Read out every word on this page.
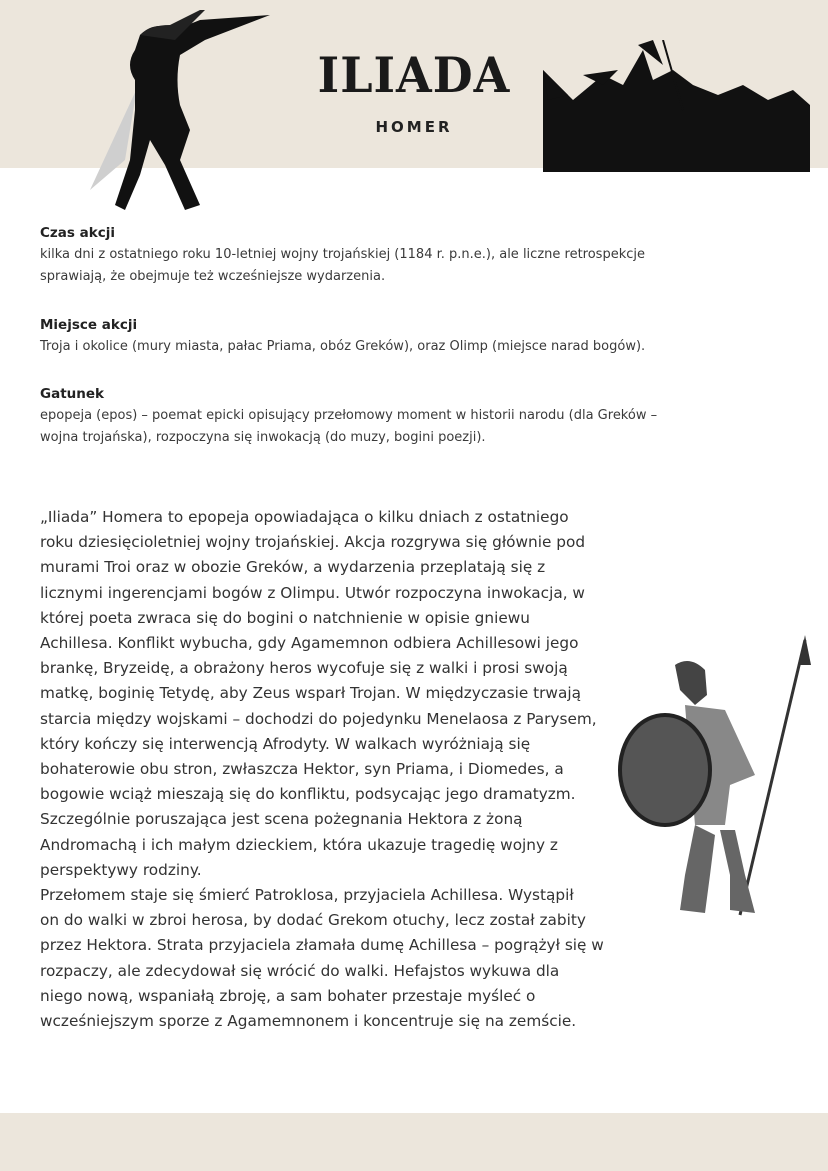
ILIADA
HOMER
Czas akcji
kilka dni z ostatniego roku 10-letniej wojny trojańskiej (1184 r. p.n.e.), ale liczne retrospekcje
sprawiają, że obejmuje też wcześniejsze wydarzenia.
Miejsce akcji
Troja i okolice (mury miasta, pałac Priama, obóz Greków), oraz Olimp (miejsce narad bogów).
Gatunek
epopeja (epos) – poemat epicki opisujący przełomowy moment w historii narodu (dla Greków –
wojna trojańska), rozpoczyna się inwokacją (do muzy, bogini poezji).
„Iliada” Homera to epopeja opowiadająca o kilku dniach z ostatniego
roku dziesięcioletniej wojny trojańskiej. Akcja rozgrywa się głównie pod
murami Troi oraz w obozie Greków, a wydarzenia przeplatają się z
licznymi ingerencjami bogów z Olimpu. Utwór rozpoczyna inwokacja, w
której poeta zwraca się do bogini o natchnienie w opisie gniewu
Achillesa. Konflikt wybucha, gdy Agamemnon odbiera Achillesowi jego
brankę, Bryzeidę, a obrażony heros wycofuje się z walki i prosi swoją
matkę, boginię Tetydę, aby Zeus wsparł Trojan. W międzyczasie trwają
starcia między wojskami – dochodzi do pojedynku Menelaosa z Parysem,
który kończy się interwencją Afrodyty. W walkach wyróżniają się
bohaterowie obu stron, zwłaszcza Hektor, syn Priama, i Diomedes, a
bogowie wciąż mieszają się do konfliktu, podsycając jego dramatyzm.
Szczególnie poruszająca jest scena pożegnania Hektora z żoną
Andromachą i ich małym dzieckiem, która ukazuje tragedię wojny z
perspektywy rodziny.
Przełomem staje się śmierć Patroklosa, przyjaciela Achillesa. Wystąpił
on do walki w zbroi herosa, by dodać Grekom otuchy, lecz został zabity
przez Hektora. Strata przyjaciela złamała dumę Achillesa – pogrążył się w
rozpaczy, ale zdecydował się wrócić do walki. Hefajstos wykuwa dla
niego nową, wspaniałą zbroję, a sam bohater przestaje myśleć o
wcześniejszym sporze z Agamemnonem i koncentruje się na zemście.
